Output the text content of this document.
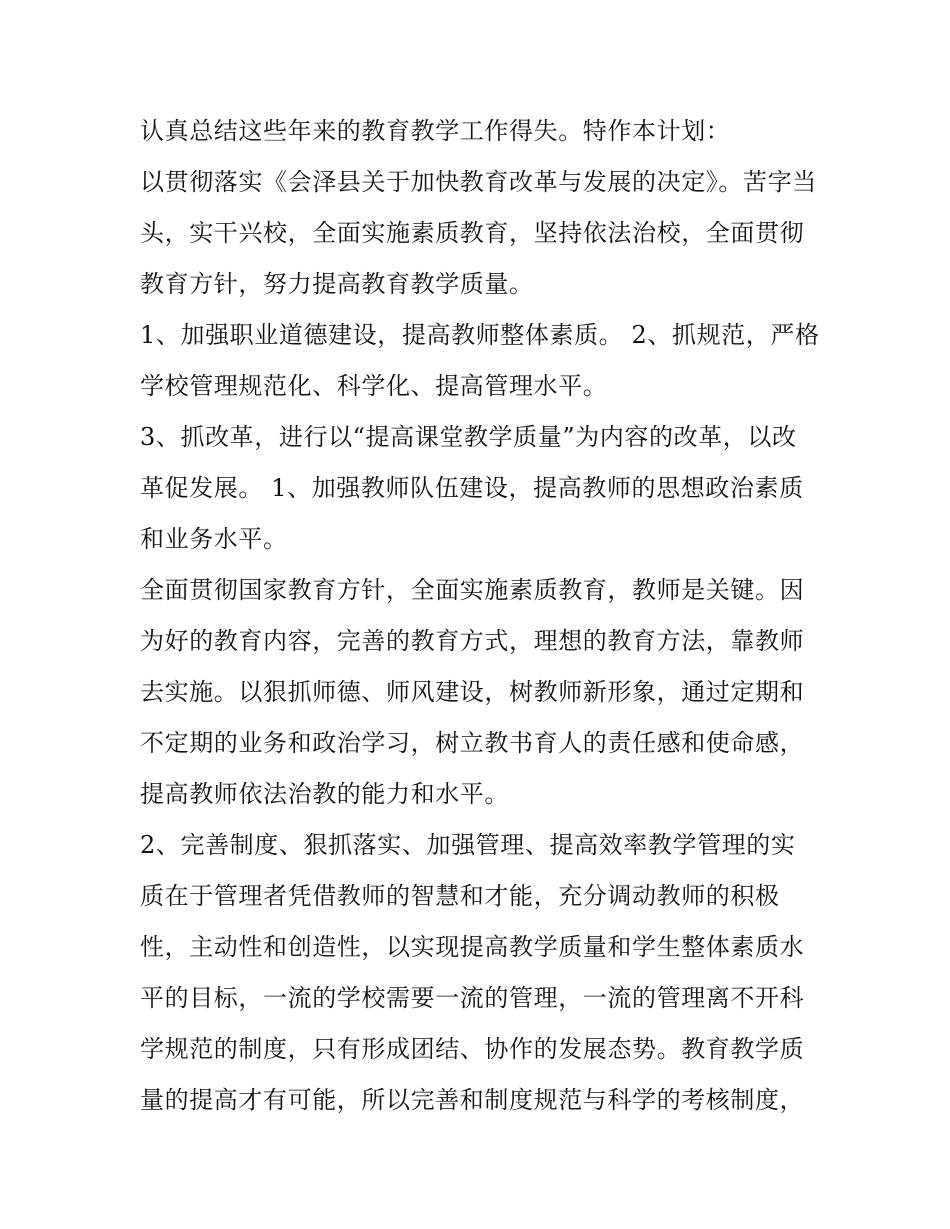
认真总结这些年来的教育教学工作得失。特作本计划：

以贯彻落实《会泽县关于加快教育改革与发展的决定》。苦字当头，实干兴校，全面实施素质教育，坚持依法治校，全面贯彻教育方针，努力提高教育教学质量。

1、加强职业道德建设，提高教师整体素质。 2、抓规范，严格学校管理规范化、科学化、提高管理水平。

3、抓改革，进行以“提高课堂教学质量”为内容的改革，以改革促发展。 1、加强教师队伍建设，提高教师的思想政治素质和业务水平。

全面贯彻国家教育方针，全面实施素质教育，教师是关键。因为好的教育内容，完善的教育方式，理想的教育方法，靠教师去实施。以狠抓师德、师风建设，树教师新形象，通过定期和不定期的业务和政治学习，树立教书育人的责任感和使命感，提高教师依法治教的能力和水平。

2、完善制度、狠抓落实、加强管理、提高效率教学管理的实质在于管理者凭借教师的智慧和才能，充分调动教师的积极性，主动性和创造性，以实现提高教学质量和学生整体素质水平的目标，一流的学校需要一流的管理，一流的管理离不开科学规范的制度，只有形成团结、协作的发展态势。教育教学质量的提高才有可能，所以完善和制度规范与科学的考核制度，
